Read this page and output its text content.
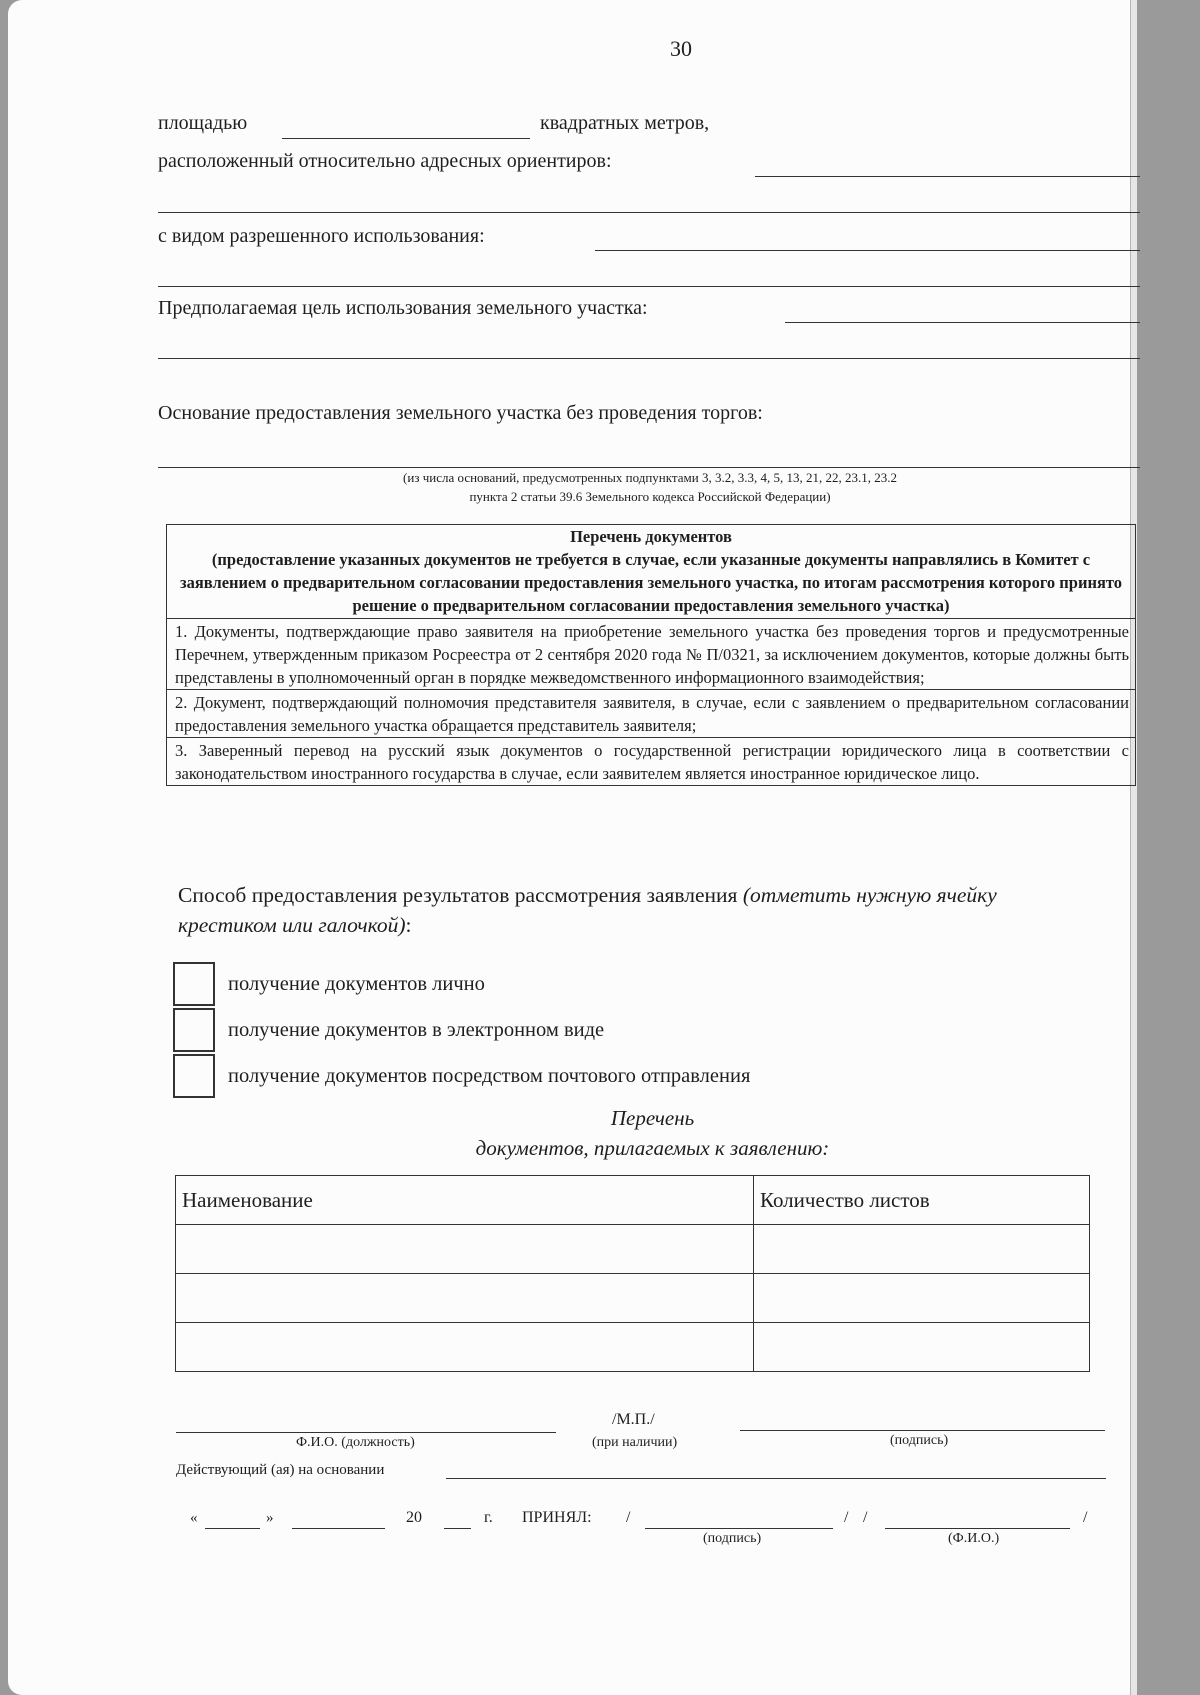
30
площадью	квадратных метров,
расположенный относительно адресных ориентиров:
с видом разрешенного использования:
Предполагаемая цель использования земельного участка:
Основание предоставления земельного участка без проведения торгов:
(из числа оснований, предусмотренных подпунктами 3, 3.2, 3.3, 4, 5, 13, 21, 22, 23.1, 23.2
пункта 2 статьи 39.6 Земельного кодекса Российской Федерации)
Перечень документов
(предоставление указанных документов не требуется в случае, если указанные документы направлялись в Комитет с заявлением о предварительном согласовании предоставления земельного участка, по итогам рассмотрения которого принято решение о предварительном согласовании предоставления земельного участка)
1. Документы, подтверждающие право заявителя на приобретение земельного участка без проведения торгов и предусмотренные Перечнем, утвержденным приказом Росреестра от 2 сентября 2020 года № П/0321, за исключением документов, которые должны быть представлены в уполномоченный орган в порядке межведомственного информационного взаимодействия;
2. Документ, подтверждающий полномочия представителя заявителя, в случае, если с заявлением о предварительном согласовании предоставления земельного участка обращается представитель заявителя;
3. Заверенный перевод на русский язык документов о государственной регистрации юридического лица в соответствии с законодательством иностранного государства в случае, если заявителем является иностранное юридическое лицо.
Способ предоставления результатов рассмотрения заявления (отметить нужную ячейку
крестиком или галочкой):
получение документов лично
получение документов в электронном виде
получение документов посредством почтового отправления
Перечень
документов, прилагаемых к заявлению:
Наименование	Количество листов

Ф.И.О. (должность)
/М.П./
(при наличии)	(подпись)
Действующий (ая) на основании
«	»	20	г. ПРИНЯЛ: /	/ /	/
(подпись)	(Ф.И.О.)
